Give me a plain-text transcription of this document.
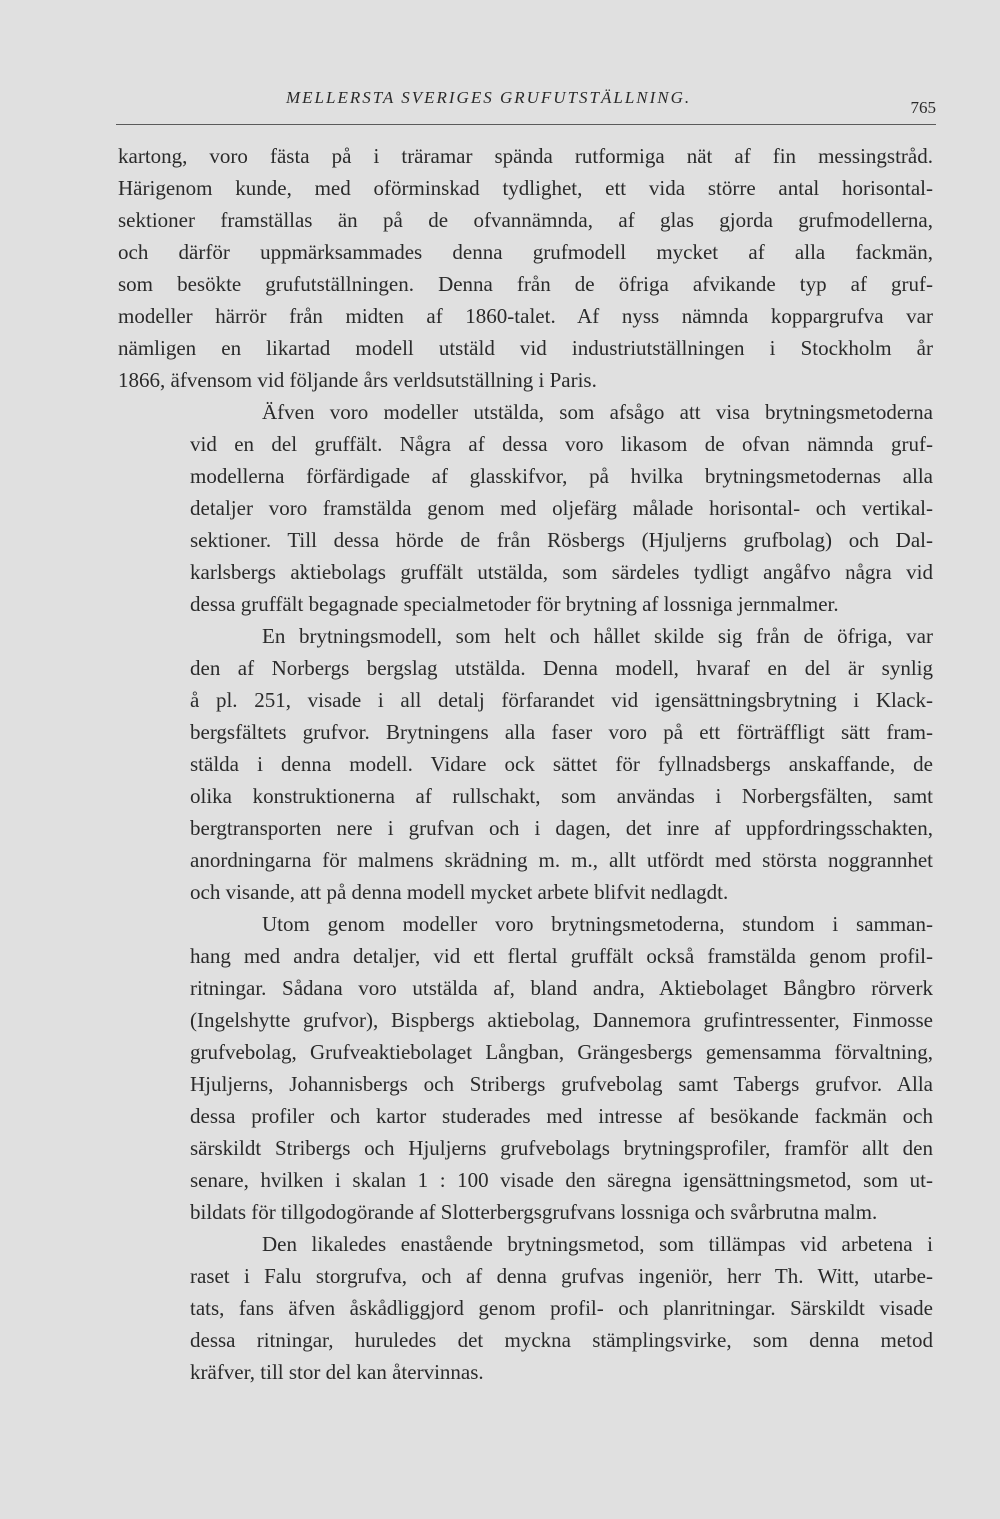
MELLERSTA SVERIGES GRUFUTSTÄLLNING.
765
kartong, voro fästa på i träramar spända rutformiga nät af fin messingstråd.
Härigenom kunde, med oförminskad tydlighet, ett vida större antal horisontal-
sektioner framställas än på de ofvannämnda, af glas gjorda grufmodellerna,
och därför uppmärksammades denna grufmodell mycket af alla fackmän,
som besökte grufutställningen. Denna från de öfriga afvikande typ af gruf-
modeller härrör från midten af 1860-talet. Af nyss nämnda koppargrufva var
nämligen en likartad modell utstäld vid industriutställningen i Stockholm år
1866, äfvensom vid följande års verldsutställning i Paris.
Äfven voro modeller utstälda, som afsågo att visa brytningsmetoderna
vid en del gruffält. Några af dessa voro likasom de ofvan nämnda gruf-
modellerna förfärdigade af glasskifvor, på hvilka brytningsmetodernas alla
detaljer voro framstälda genom med oljefärg målade horisontal- och vertikal-
sektioner. Till dessa hörde de från Rösbergs (Hjuljerns grufbolag) och Dal-
karlsbergs aktiebolags gruffält utstälda, som särdeles tydligt angåfvo några vid
dessa gruffält begagnade specialmetoder för brytning af lossniga jernmalmer.
En brytningsmodell, som helt och hållet skilde sig från de öfriga, var
den af Norbergs bergslag utstälda. Denna modell, hvaraf en del är synlig
å pl. 251, visade i all detalj förfarandet vid igensättningsbrytning i Klack-
bergsfältets grufvor. Brytningens alla faser voro på ett förträffligt sätt fram-
stälda i denna modell. Vidare ock sättet för fyllnadsbergs anskaffande, de
olika konstruktionerna af rullschakt, som användas i Norbergsfälten, samt
bergtransporten nere i grufvan och i dagen, det inre af uppfordringsschakten,
anordningarna för malmens skrädning m. m., allt utfördt med största noggrannhet
och visande, att på denna modell mycket arbete blifvit nedlagdt.
Utom genom modeller voro brytningsmetoderna, stundom i samman-
hang med andra detaljer, vid ett flertal gruffält också framstälda genom profil-
ritningar. Sådana voro utstälda af, bland andra, Aktiebolaget Bångbro rörverk
(Ingelshytte grufvor), Bispbergs aktiebolag, Dannemora grufintressenter, Finmosse
grufvebolag, Grufveaktiebolaget Långban, Grängesbergs gemensamma förvaltning,
Hjuljerns, Johannisbergs och Stribergs grufvebolag samt Tabergs grufvor. Alla
dessa profiler och kartor studerades med intresse af besökande fackmän och
särskildt Stribergs och Hjuljerns grufvebolags brytningsprofiler, framför allt den
senare, hvilken i skalan 1 : 100 visade den säregna igensättningsmetod, som ut-
bildats för tillgodogörande af Slotterbergsgrufvans lossniga och svårbrutna malm.
Den likaledes enastående brytningsmetod, som tillämpas vid arbetena i
raset i Falu storgrufva, och af denna grufvas ingeniör, herr Th. Witt, utarbe-
tats, fans äfven åskådliggjord genom profil- och planritningar. Särskildt visade
dessa ritningar, huruledes det myckna stämplingsvirke, som denna metod
kräfver, till stor del kan återvinnas.
